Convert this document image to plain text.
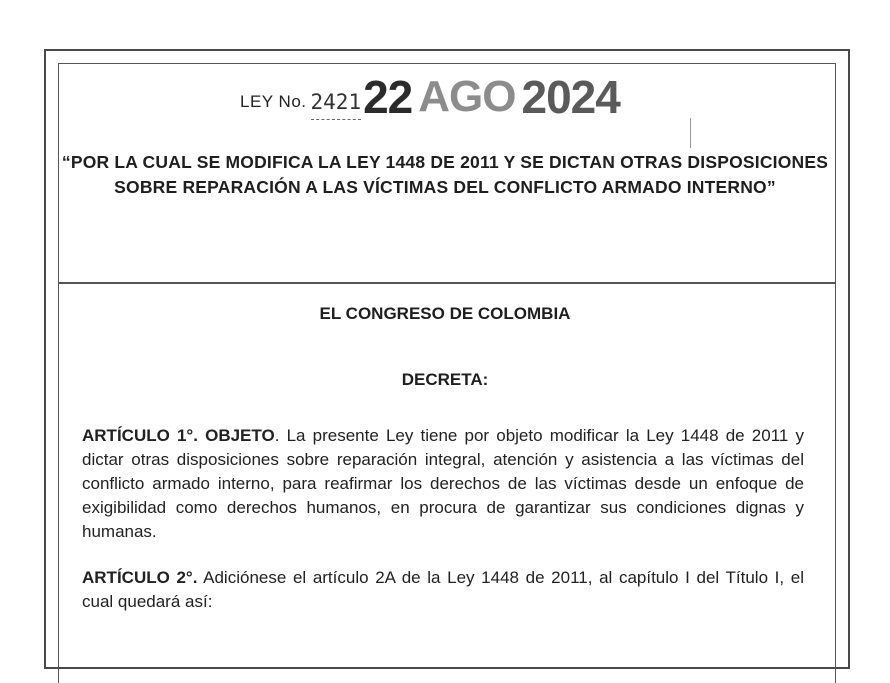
LEY No. 2421 22 AGO 2024
“POR LA CUAL SE MODIFICA LA LEY 1448 DE 2011 Y SE DICTAN OTRAS DISPOSICIONES SOBRE REPARACIÓN A LAS VÍCTIMAS DEL CONFLICTO ARMADO INTERNO”
EL CONGRESO DE COLOMBIA
DECRETA:
ARTÍCULO 1°. OBJETO. La presente Ley tiene por objeto modificar la Ley 1448 de 2011 y dictar otras disposiciones sobre reparación integral, atención y asistencia a las víctimas del conflicto armado interno, para reafirmar los derechos de las víctimas desde un enfoque de exigibilidad como derechos humanos, en procura de garantizar sus condiciones dignas y humanas.
ARTÍCULO 2°. Adiciónese el artículo 2A de la Ley 1448 de 2011, al capítulo I del Título I, el cual quedará así:
